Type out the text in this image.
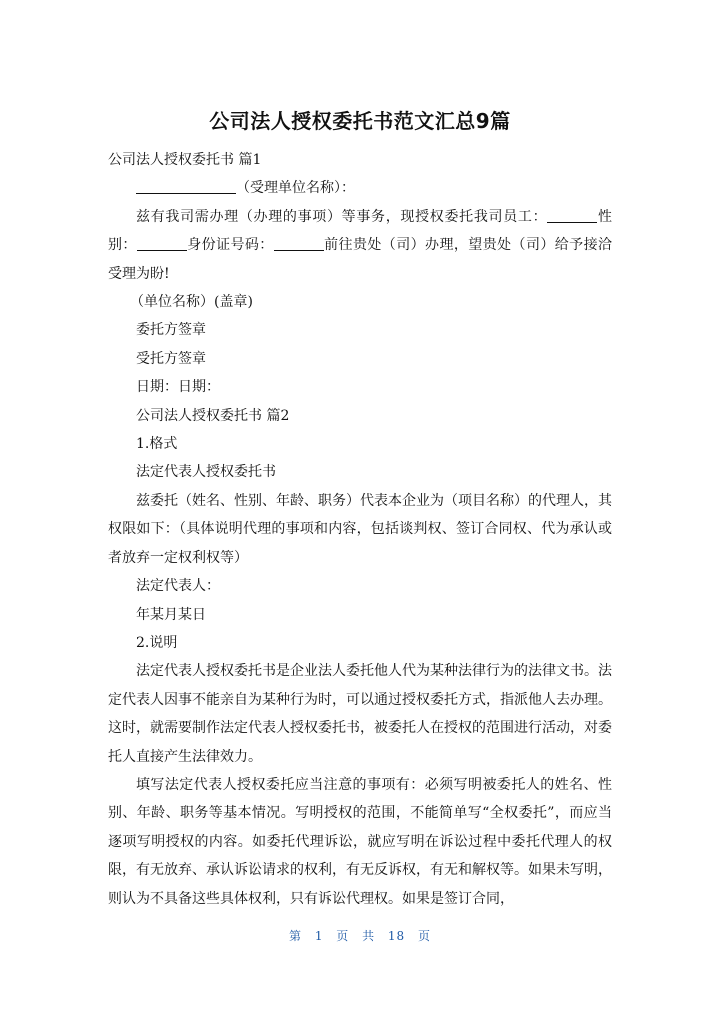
公司法人授权委托书范文汇总9篇

公司法人授权委托书 篇1

（受理单位名称）：

兹有我司需办理（办理的事项）等事务，现授权委托我司员工：	性别：	身份证号码：	前往贵处（司）办理，望贵处（司）给予接洽受理为盼!

（单位名称）(盖章)

委托方签章

受托方签章

日期：日期：

公司法人授权委托书 篇2

1.格式

法定代表人授权委托书

兹委托（姓名、性别、年龄、职务）代表本企业为（项目名称）的代理人，其权限如下：（具体说明代理的事项和内容，包括谈判权、签订合同权、代为承认或者放弃一定权利权等）

法定代表人：

年某月某日

2.说明

法定代表人授权委托书是企业法人委托他人代为某种法律行为的法律文书。法定代表人因事不能亲自为某种行为时，可以通过授权委托方式，指派他人去办理。这时，就需要制作法定代表人授权委托书，被委托人在授权的范围进行活动，对委托人直接产生法律效力。

填写法定代表人授权委托应当注意的事项有：必须写明被委托人的姓名、性别、年龄、职务等基本情况。写明授权的范围，不能简单写“全权委托”，而应当逐项写明授权的内容。如委托代理诉讼，就应写明在诉讼过程中委托代理人的权限，有无放弃、承认诉讼请求的权利，有无反诉权，有无和解权等。如果未写明，则认为不具备这些具体权利，只有诉讼代理权。如果是签订合同，

第 1 页 共 18 页
